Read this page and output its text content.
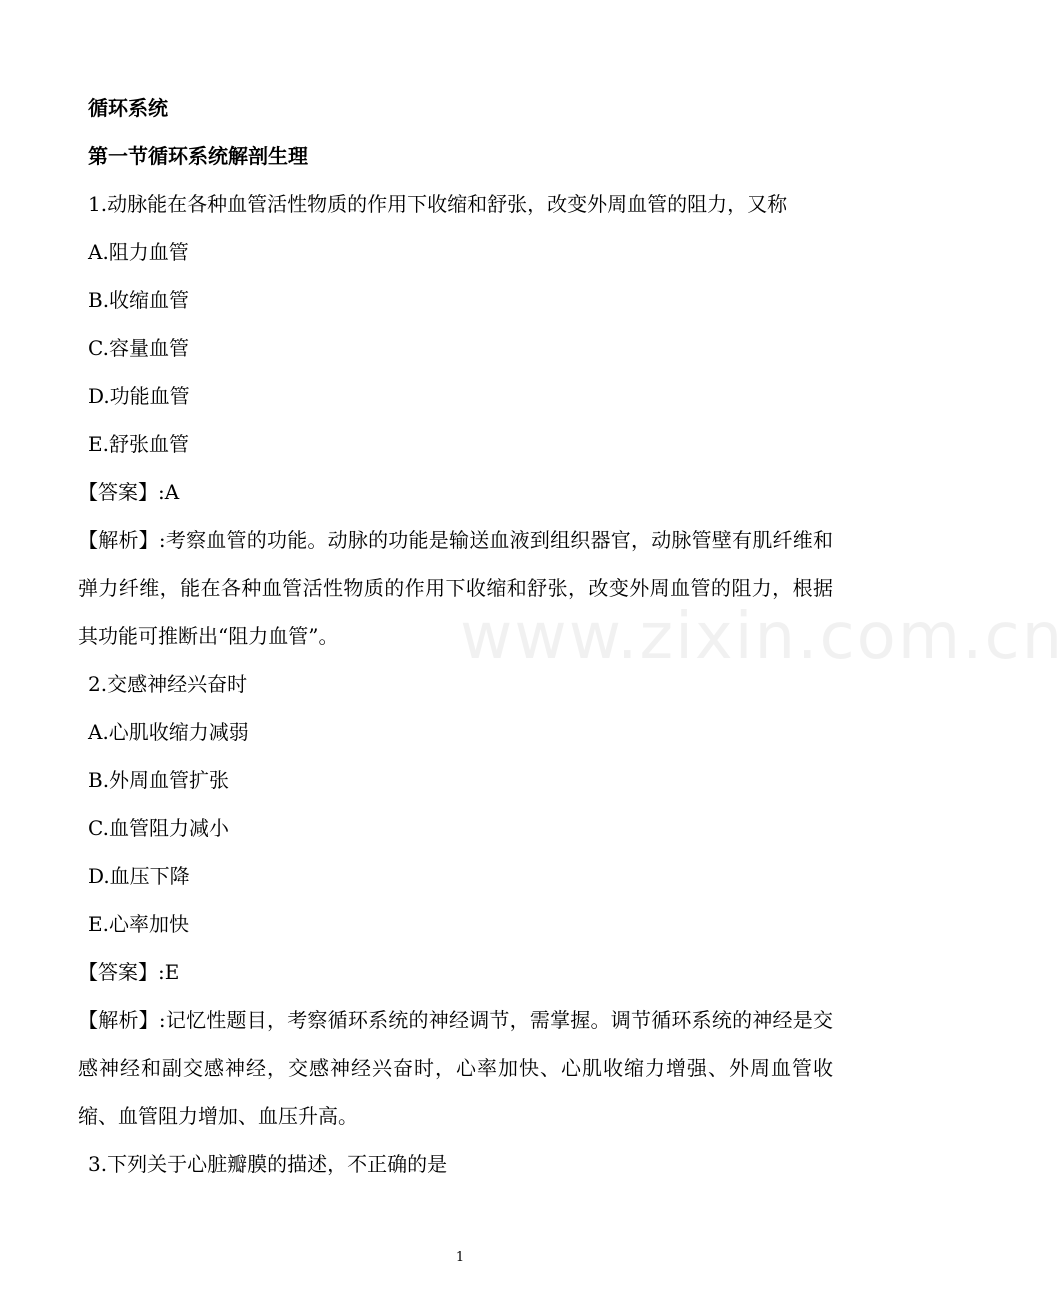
www.zixin.com.cn

循环系统

第一节循环系统解剖生理

1.动脉能在各种血管活性物质的作用下收缩和舒张，改变外周血管的阻力，又称

A.阻力血管

B.收缩血管

C.容量血管

D.功能血管

E.舒张血管

【答案】:A

【解析】:考察血管的功能。动脉的功能是输送血液到组织器官，动脉管壁有肌纤维和弹力纤维，能在各种血管活性物质的作用下收缩和舒张，改变外周血管的阻力，根据其功能可推断出“阻力血管”。

2.交感神经兴奋时

A.心肌收缩力减弱

B.外周血管扩张

C.血管阻力减小

D.血压下降

E.心率加快

【答案】:E

【解析】:记忆性题目，考察循环系统的神经调节，需掌握。调节循环系统的神经是交感神经和副交感神经，交感神经兴奋时，心率加快、心肌收缩力增强、外周血管收缩、血管阻力增加、血压升高。

3.下列关于心脏瓣膜的描述，不正确的是

1
